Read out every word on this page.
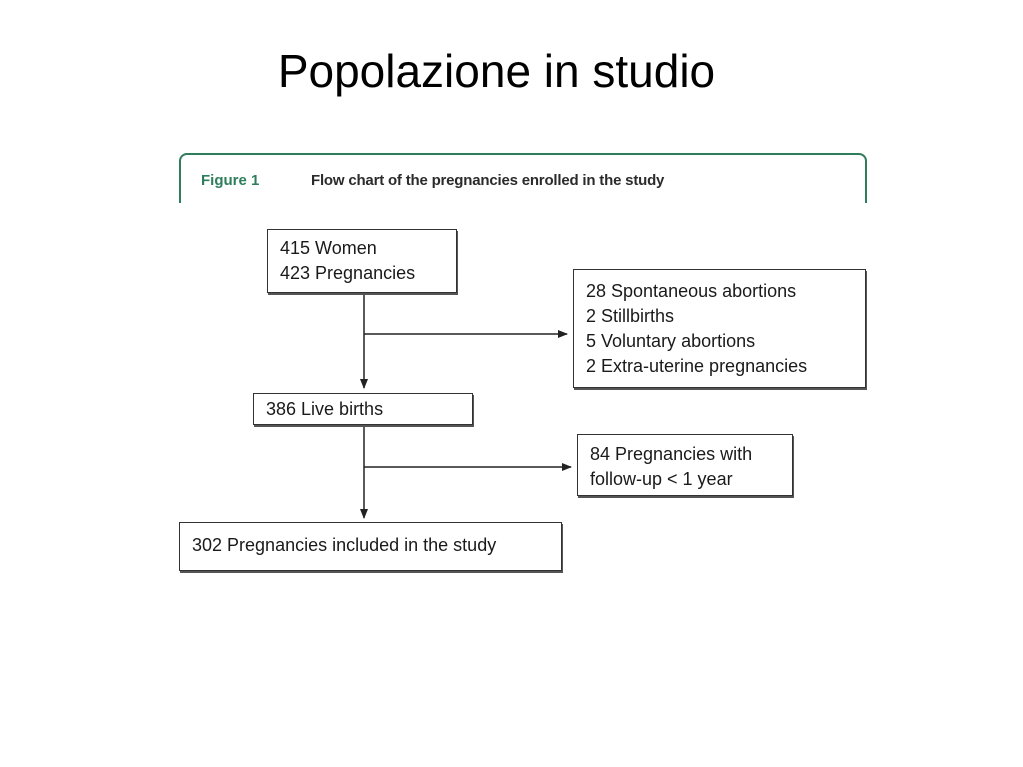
Popolazione in studio
Figure 1	Flow chart of the pregnancies enrolled in the study
415 Women
423 Pregnancies
28 Spontaneous abortions
2 Stillbirths
5 Voluntary abortions
2 Extra-uterine pregnancies
386 Live births
84 Pregnancies with
follow-up < 1 year
302 Pregnancies included in the study
